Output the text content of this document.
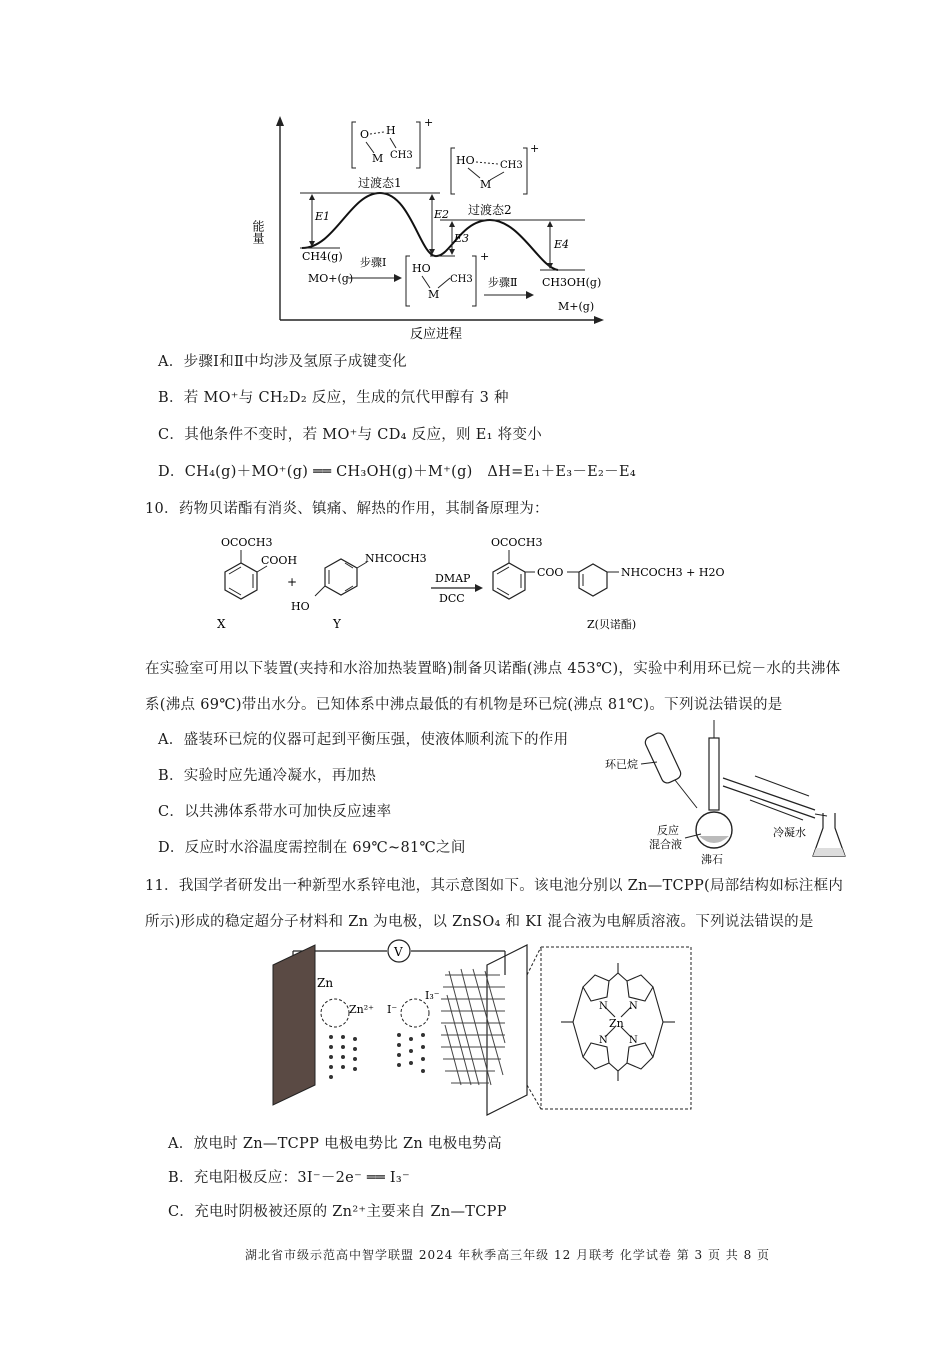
能量
反应进程
E1	E2
E3	E4
过渡态1
过渡态2
O H
M CH3
+
HO	CH3
M
+
HO
CH3
M
+
CH4(g)
MO+(g)
步骤Ⅰ
步骤Ⅱ CH3OH(g)
M+(g)
A．步骤Ⅰ和Ⅱ中均涉及氢原子成键变化
B．若 MO⁺与 CH₂D₂ 反应，生成的氘代甲醇有 3 种
C．其他条件不变时，若 MO⁺与 CD₄ 反应，则 E₁ 将变小
D．CH₄(g)＋MO⁺(g) ══ CH₃OH(g)＋M⁺(g)　ΔH=E₁＋E₃－E₂－E₄
10．药物贝诺酯有消炎、镇痛、解热的作用，其制备原理为：
OCOCH3
COOH
X
+
NHCOCH3
HO
Y
DMAP
DCC
OCOCH3
COO	NHCOCH3 + H2O
Z(贝诺酯)
在实验室可用以下装置(夹持和水浴加热装置略)制备贝诺酯(沸点 453℃)，实验中利用环已烷－水的共沸体
系(沸点 69℃)带出水分。已知体系中沸点最低的有机物是环已烷(沸点 81℃)。下列说法错误的是
A．盛装环已烷的仪器可起到平衡压强，使液体顺利流下的作用
B．实验时应先通冷凝水，再加热
C．以共沸体系带水可加快反应速率
D．反应时水浴温度需控制在 69℃~81℃之间
环已烷
反应
混合液
冷凝水
沸石
11．我国学者研发出一种新型水系锌电池，其示意图如下。该电池分别以 Zn—TCPP(局部结构如标注框内
所示)形成的稳定超分子材料和 Zn 为电极，以 ZnSO₄ 和 KI 混合液为电解质溶液。下列说法错误的是
V
Zn
Zn²⁺
I₃⁻
I⁻	N N
N N
Zn
A．放电时 Zn—TCPP 电极电势比 Zn 电极电势高
B．充电阳极反应：3I⁻－2e⁻ ══ I₃⁻
C．充电时阴极被还原的 Zn²⁺主要来自 Zn—TCPP
湖北省市级示范高中智学联盟 2024 年秋季高三年级 12 月联考 化学试卷 第 3 页 共 8 页
